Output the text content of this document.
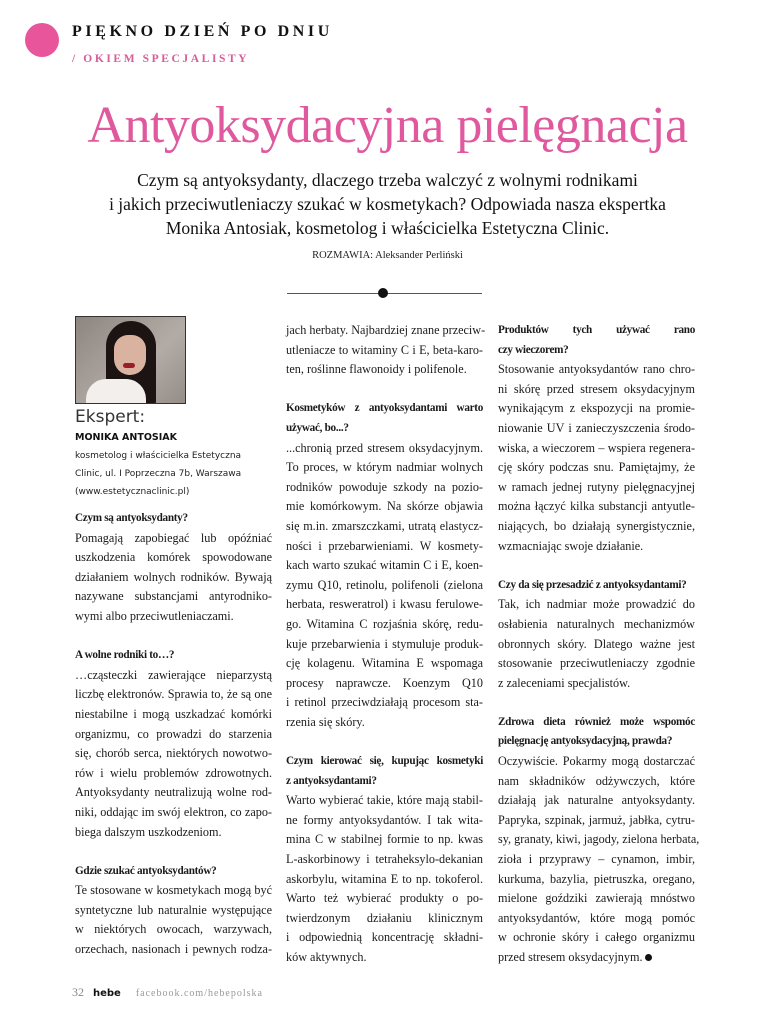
PIĘKNO DZIEŃ PO DNIU
/ OKIEM SPECJALISTY
Antyoksydacyjna pielęgnacja
Czym są antyoksydanty, dlaczego trzeba walczyć z wolnymi rodnikami
i jakich przeciwutleniaczy szukać w kosmetykach? Odpowiada nasza ekspertka
Monika Antosiak, kosmetolog i właścicielka Estetyczna Clinic.
ROZMAWIA: Aleksander Perliński
Ekspert:
MONIKA ANTOSIAK
kosmetolog i właścicielka Estetyczna
Clinic, ul. I Poprzeczna 7b, Warszawa
(www.estetycznaclinic.pl)
Czym są antyoksydanty?
Pomagają zapobiegać lub opóźniać
uszkodzenia komórek spowodowane
działaniem wolnych rodników. Bywają
nazywane substancjami antyrodniko-
wymi albo przeciwutleniaczami.
A wolne rodniki to…?
…cząsteczki zawierające nieparzystą
liczbę elektronów. Sprawia to, że są one
niestabilne i mogą uszkadzać komórki
organizmu, co prowadzi do starzenia
się, chorób serca, niektórych nowotwo-
rów i wielu problemów zdrowotnych.
Antyoksydanty neutralizują wolne rod-
niki, oddając im swój elektron, co zapo-
biega dalszym uszkodzeniom.
Gdzie szukać antyoksydantów?
Te stosowane w kosmetykach mogą być
syntetyczne lub naturalnie występujące
w niektórych owocach, warzywach,
orzechach, nasionach i pewnych rodza-
jach herbaty. Najbardziej znane przeciw-
utleniacze to witaminy C i E, beta-karo-
ten, roślinne flawonoidy i polifenole.
Kosmetyków z antyoksydantami warto
używać, bo...?
...chronią przed stresem oksydacyjnym.
To proces, w którym nadmiar wolnych
rodników powoduje szkody na pozio-
mie komórkowym. Na skórze objawia
się m.in. zmarszczkami, utratą elastycz-
ności i przebarwieniami. W kosmety-
kach warto szukać witamin C i E, koen-
zymu Q10, retinolu, polifenoli (zielona
herbata, resweratrol) i kwasu ferulowe-
go. Witamina C rozjaśnia skórę, redu-
kuje przebarwienia i stymuluje produk-
cję kolagenu. Witamina E wspomaga
procesy naprawcze. Koenzym Q10
i retinol przeciwdziałają procesom sta-
rzenia się skóry.
Czym kierować się, kupując kosmetyki
z antyoksydantami?
Warto wybierać takie, które mają stabil-
ne formy antyoksydantów. I tak wita-
mina C w stabilnej formie to np. kwas
L-askorbinowy i tetraheksylo-dekanian
askorbylu, witamina E to np. tokoferol.
Warto też wybierać produkty o po-
twierdzonym działaniu klinicznym
i odpowiednią koncentrację składni-
ków aktywnych.
Produktów tych używać rano
czy wieczorem?
Stosowanie antyoksydantów rano chro-
ni skórę przed stresem oksydacyjnym
wynikającym z ekspozycji na promie-
niowanie UV i zanieczyszczenia środo-
wiska, a wieczorem – wspiera regenera-
cję skóry podczas snu. Pamiętajmy, że
w ramach jednej rutyny pielęgnacyjnej
można łączyć kilka substancji antyutle-
niających, bo działają synergistycznie,
wzmacniając swoje działanie.
Czy da się przesadzić z antyoksydantami?
Tak, ich nadmiar może prowadzić do
osłabienia naturalnych mechanizmów
obronnych skóry. Dlatego ważne jest
stosowanie przeciwutleniaczy zgodnie
z zaleceniami specjalistów.
Zdrowa dieta również może wspomóc
pielęgnację antyoksydacyjną, prawda?
Oczywiście. Pokarmy mogą dostarczać
nam składników odżywczych, które
działają jak naturalne antyoksydanty.
Papryka, szpinak, jarmuż, jabłka, cytru-
sy, granaty, kiwi, jagody, zielona herbata,
zioła i przyprawy – cynamon, imbir,
kurkuma, bazylia, pietruszka, oregano,
mielone goździki zawierają mnóstwo
antyoksydantów, które mogą pomóc
w ochronie skóry i całego organizmu
przed stresem oksydacyjnym.
32 hebe facebook.com/hebepolska
